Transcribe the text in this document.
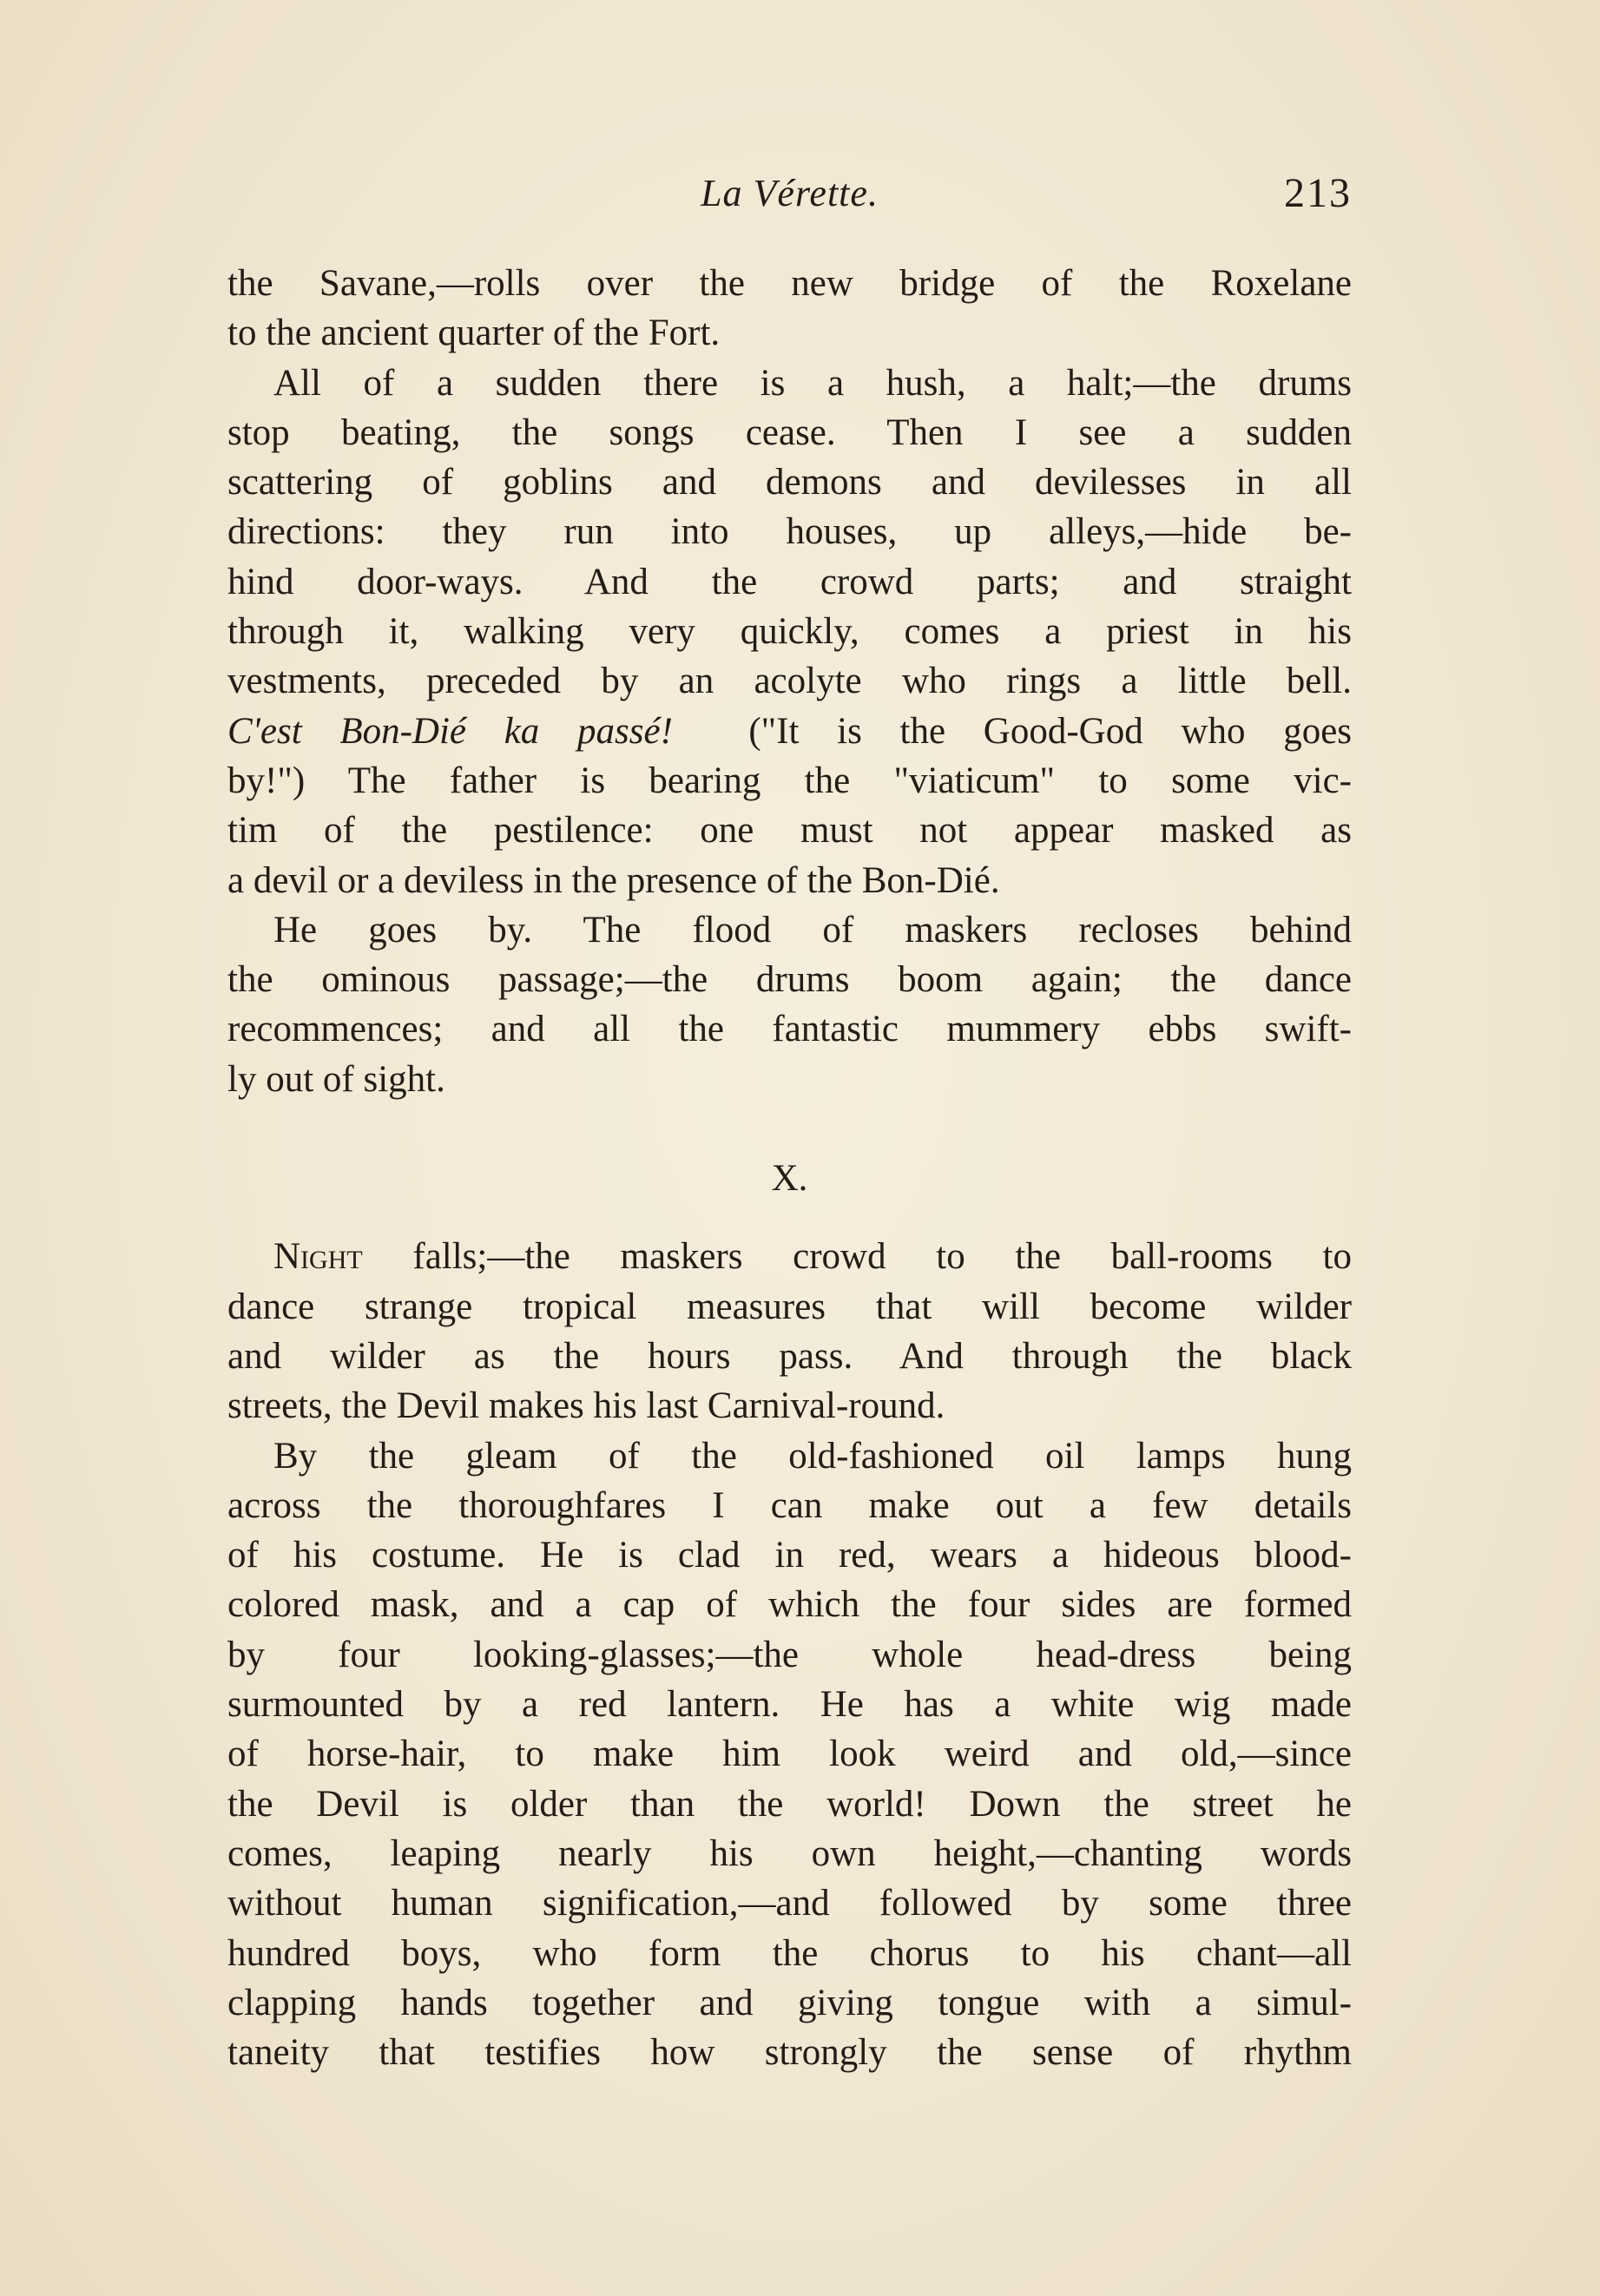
La Vérette.	213
the Savane,—rolls over the new bridge of the Roxelane
to the ancient quarter of the Fort.
All of a sudden there is a hush, a halt;—the drums
stop beating, the songs cease. Then I see a sudden
scattering of goblins and demons and devilesses in all
directions: they run into houses, up alleys,—hide be-
hind door-ways. And the crowd parts; and straight
through it, walking very quickly, comes a priest in his
vestments, preceded by an acolyte who rings a little bell.
C'est Bon-Dié ka passé! ("It is the Good-God who goes
by!") The father is bearing the "viaticum" to some vic-
tim of the pestilence: one must not appear masked as
a devil or a deviless in the presence of the Bon-Dié.
He goes by. The flood of maskers recloses behind
the ominous passage;—the drums boom again; the dance
recommences; and all the fantastic mummery ebbs swift-
ly out of sight.
X.
Night falls;—the maskers crowd to the ball-rooms to
dance strange tropical measures that will become wilder
and wilder as the hours pass. And through the black
streets, the Devil makes his last Carnival-round.
By the gleam of the old-fashioned oil lamps hung
across the thoroughfares I can make out a few details
of his costume. He is clad in red, wears a hideous blood-
colored mask, and a cap of which the four sides are formed
by four looking-glasses;—the whole head-dress being
surmounted by a red lantern. He has a white wig made
of horse-hair, to make him look weird and old,—since
the Devil is older than the world! Down the street he
comes, leaping nearly his own height,—chanting words
without human signification,—and followed by some three
hundred boys, who form the chorus to his chant—all
clapping hands together and giving tongue with a simul-
taneity that testifies how strongly the sense of rhythm
